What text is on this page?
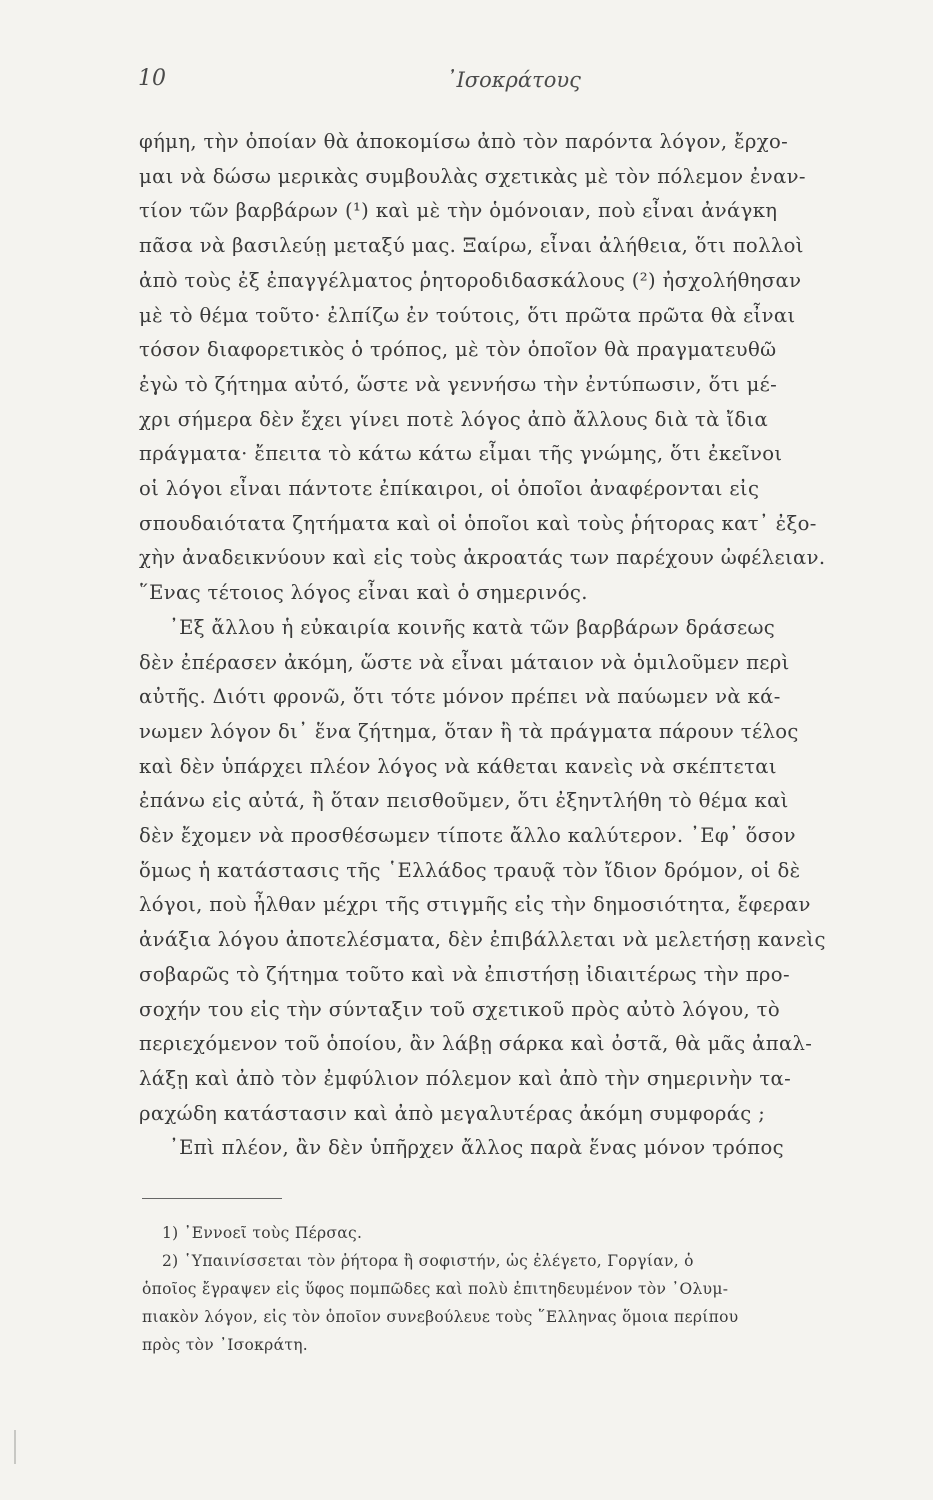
10	᾿Ισοκράτους
φήμη, τὴν ὁποίαν θὰ ἀποκομίσω ἀπὸ τὸν παρόντα λόγον, ἔρχο-
μαι νὰ δώσω μερικὰς συμβουλὰς σχετικὰς μὲ τὸν πόλεμον ἐναν-
τίον τῶν βαρβάρων (¹) καὶ μὲ τὴν ὁμόνοιαν, ποὺ εἶναι ἀνάγκη
πᾶσα νὰ βασιλεύῃ μεταξύ μας. Ξαίρω, εἶναι ἀλήθεια, ὅτι πολλοὶ
ἀπὸ τοὺς ἐξ ἐπαγγέλματος ῥητοροδιδασκάλους (²) ἠσχολήθησαν
μὲ τὸ θέμα τοῦτο· ἐλπίζω ἐν τούτοις, ὅτι πρῶτα πρῶτα θὰ εἶναι
τόσον διαφορετικὸς ὁ τρόπος, μὲ τὸν ὁποῖον θὰ πραγματευθῶ
ἐγὼ τὸ ζήτημα αὐτό, ὥστε νὰ γεννήσω τὴν ἐντύπωσιν, ὅτι μέ-
χρι σήμερα δὲν ἔχει γίνει ποτὲ λόγος ἀπὸ ἄλλους διὰ τὰ ἴδια
πράγματα· ἔπειτα τὸ κάτω κάτω εἶμαι τῆς γνώμης, ὅτι ἐκεῖνοι
οἱ λόγοι εἶναι πάντοτε ἐπίκαιροι, οἱ ὁποῖοι ἀναφέρονται εἰς
σπουδαιότατα ζητήματα καὶ οἱ ὁποῖοι καὶ τοὺς ῥήτορας κατ᾿ ἐξο-
χὴν ἀναδεικνύουν καὶ εἰς τοὺς ἀκροατάς των παρέχουν ὠφέλειαν.
῞Ενας τέτοιος λόγος εἶναι καὶ ὁ σημερινός.
᾿Εξ ἄλλου ἡ εὐκαιρία κοινῆς κατὰ τῶν βαρβάρων δράσεως
δὲν ἐπέρασεν ἀκόμη, ὥστε νὰ εἶναι μάταιον νὰ ὁμιλοῦμεν περὶ
αὐτῆς. Διότι φρονῶ, ὅτι τότε μόνον πρέπει νὰ παύωμεν νὰ κά-
νωμεν λόγον δι᾿ ἕνα ζήτημα, ὅταν ἢ τὰ πράγματα πάρουν τέλος
καὶ δὲν ὑπάρχει πλέον λόγος νὰ κάθεται κανεὶς νὰ σκέπτεται
ἐπάνω εἰς αὐτά, ἢ ὅταν πεισθοῦμεν, ὅτι ἐξηντλήθη τὸ θέμα καὶ
δὲν ἔχομεν νὰ προσθέσωμεν τίποτε ἄλλο καλύτερον. ᾿Εφ᾿ ὅσον
ὅμως ἡ κατάστασις τῆς ῾Ελλάδος τραυᾷ τὸν ἴδιον δρόμον, οἱ δὲ
λόγοι, ποὺ ἦλθαν μέχρι τῆς στιγμῆς εἰς τὴν δημοσιότητα, ἔφεραν
ἀνάξια λόγου ἀποτελέσματα, δὲν ἐπιβάλλεται νὰ μελετήσῃ κανεὶς
σοβαρῶς τὸ ζήτημα τοῦτο καὶ νὰ ἐπιστήσῃ ἰδιαιτέρως τὴν προ-
σοχήν του εἰς τὴν σύνταξιν τοῦ σχετικοῦ πρὸς αὐτὸ λόγου, τὸ
περιεχόμενον τοῦ ὁποίου, ἂν λάβῃ σάρκα καὶ ὀστᾶ, θὰ μᾶς ἀπαλ-
λάξῃ καὶ ἀπὸ τὸν ἐμφύλιον πόλεμον καὶ ἀπὸ τὴν σημερινὴν τα-
ραχώδη κατάστασιν καὶ ἀπὸ μεγαλυτέρας ἀκόμη συμφοράς ;
᾿Επὶ πλέον, ἂν δὲν ὑπῆρχεν ἄλλος παρὰ ἕνας μόνον τρόπος
1) ᾿Εννοεῖ τοὺς Πέρσας.
2) ῾Υπαινίσσεται τὸν ῥήτορα ἢ σοφιστήν, ὡς ἐλέγετο, Γοργίαν, ὁ
ὁποῖος ἔγραψεν εἰς ὕφος πομπῶδες καὶ πολὺ ἐπιτηδευμένον τὸν ᾿Ολυμ-
πιακὸν λόγον, εἰς τὸν ὁποῖον συνεβούλευε τοὺς ῞Ελληνας ὅμοια περίπου
πρὸς τὸν ᾿Ισοκράτη.
